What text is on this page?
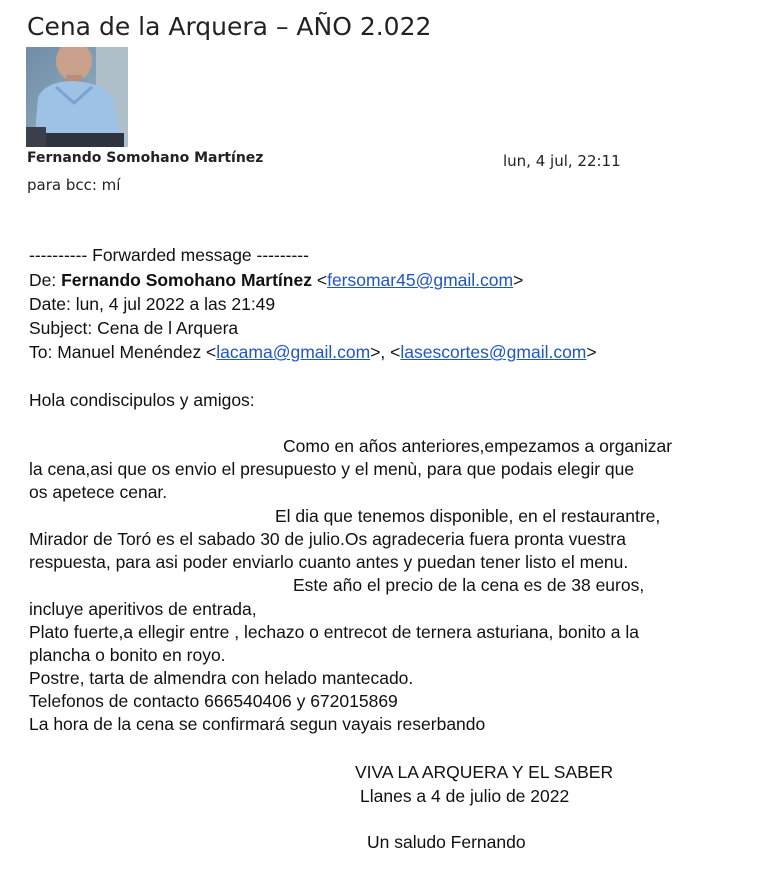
Cena de la Arquera – AÑO 2.022
Fernando Somohano Martínez	lun, 4 jul, 22:11
para bcc: mí
---------- Forwarded message ---------
De: Fernando Somohano Martínez <fersomar45@gmail.com>
Date: lun, 4 jul 2022 a las 21:49
Subject: Cena de l Arquera
To: Manuel Menéndez <lacama@gmail.com>, <lasescortes@gmail.com>
Hola condiscipulos y amigos:
Como en años anteriores,empezamos a organizar
la cena,asi que os envio el presupuesto y el menù, para que podais elegir que
os apetece cenar.
El dia que tenemos disponible, en el restaurantre,
Mirador de Toró es el sabado 30 de julio.Os agradeceria fuera pronta vuestra
respuesta, para asi poder enviarlo cuanto antes y puedan tener listo el menu.
Este año el precio de la cena es de 38 euros,
incluye aperitivos de entrada,
Plato fuerte,a ellegir entre , lechazo o entrecot de ternera asturiana, bonito a la
plancha o bonito en royo.
Postre, tarta de almendra con helado mantecado.
Telefonos de contacto 666540406 y 672015869
La hora de la cena se confirmará segun vayais reserbando
VIVA LA ARQUERA Y EL SABER
Llanes a 4 de julio de 2022
Un saludo Fernando
